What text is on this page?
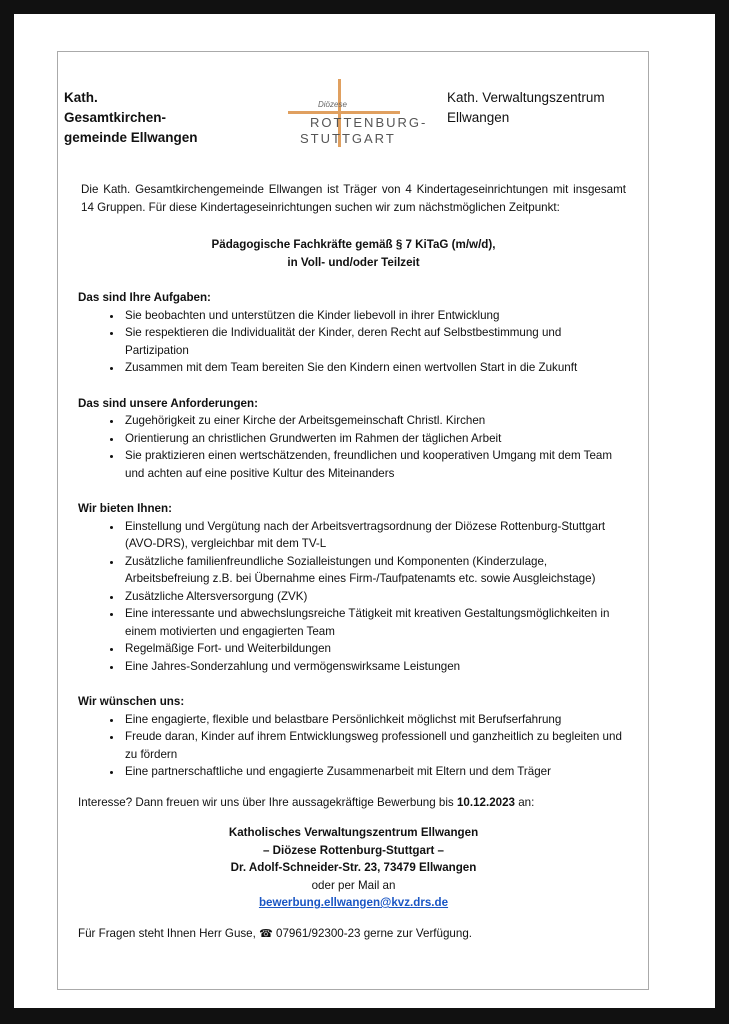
Kath.
Gesamtkirchen-
gemeinde Ellwangen
Diözese
ROTTENBURG-
STUTTGART
Kath. Verwaltungszentrum
Ellwangen

Die Kath. Gesamtkirchengemeinde Ellwangen ist Träger von 4 Kindertageseinrichtungen mit insgesamt 14 Gruppen. Für diese Kindertageseinrichtungen suchen wir zum nächstmöglichen Zeitpunkt:

Pädagogische Fachkräfte gemäß § 7 KiTaG (m/w/d),
in Voll- und/oder Teilzeit

Das sind Ihre Aufgaben:
• Sie beobachten und unterstützen die Kinder liebevoll in ihrer Entwicklung
• Sie respektieren die Individualität der Kinder, deren Recht auf Selbstbestimmung und Partizipation
• Zusammen mit dem Team bereiten Sie den Kindern einen wertvollen Start in die Zukunft
Das sind unsere Anforderungen:
• Zugehörigkeit zu einer Kirche der Arbeitsgemeinschaft Christl. Kirchen
• Orientierung an christlichen Grundwerten im Rahmen der täglichen Arbeit
• Sie praktizieren einen wertschätzenden, freundlichen und kooperativen Umgang mit dem Team und achten auf eine positive Kultur des Miteinanders
Wir bieten Ihnen:
• Einstellung und Vergütung nach der Arbeitsvertragsordnung der Diözese Rottenburg-Stuttgart (AVO-DRS), vergleichbar mit dem TV-L
• Zusätzliche familienfreundliche Sozialleistungen und Komponenten (Kinderzulage, Arbeitsbefreiung z.B. bei Übernahme eines Firm-/Taufpatenamts etc. sowie Ausgleichstage)
• Zusätzliche Altersversorgung (ZVK)
• Eine interessante und abwechslungsreiche Tätigkeit mit kreativen Gestaltungsmöglichkeiten in einem motivierten und engagierten Team
• Regelmäßige Fort- und Weiterbildungen
• Eine Jahres-Sonderzahlung und vermögenswirksame Leistungen
Wir wünschen uns:
• Eine engagierte, flexible und belastbare Persönlichkeit möglichst mit Berufserfahrung
• Freude daran, Kinder auf ihrem Entwicklungsweg professionell und ganzheitlich zu begleiten und zu fördern
• Eine partnerschaftliche und engagierte Zusammenarbeit mit Eltern und dem Träger

Interesse? Dann freuen wir uns über Ihre aussagekräftige Bewerbung bis 10.12.2023 an:

Katholisches Verwaltungszentrum Ellwangen
– Diözese Rottenburg-Stuttgart –
Dr. Adolf-Schneider-Str. 23, 73479 Ellwangen
oder per Mail an
bewerbung.ellwangen@kvz.drs.de

Für Fragen steht Ihnen Herr Guse, ☎ 07961/92300-23 gerne zur Verfügung.
